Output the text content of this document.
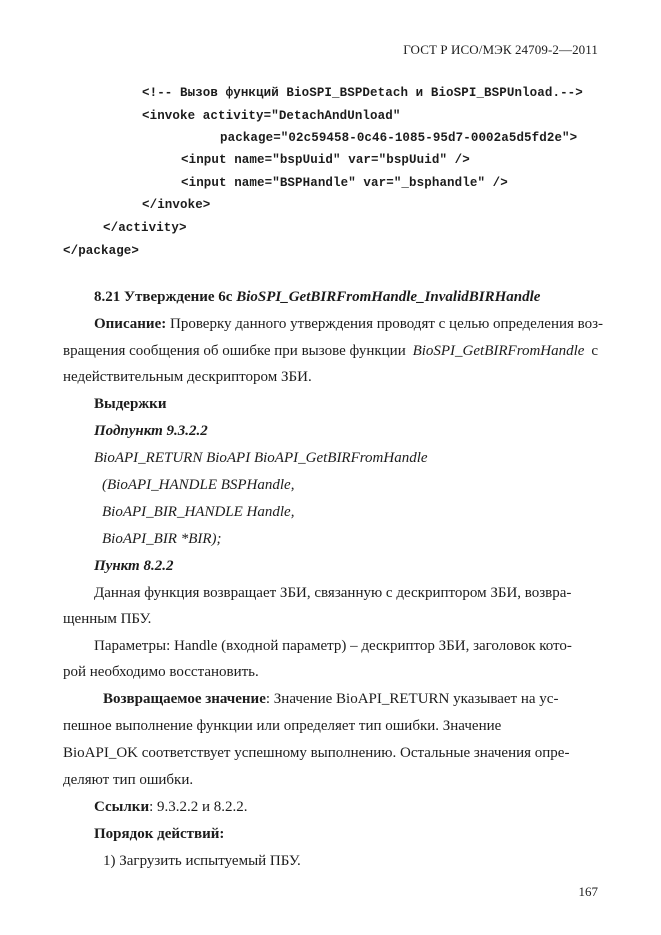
ГОСТ Р ИСО/МЭК 24709-2—2011
<!-- Вызов функций BioSPI_BSPDetach и BioSPI_BSPUnload.-->
<invoke activity="DetachAndUnload"
package="02c59458-0c46-1085-95d7-0002a5d5fd2e">
<input name="bspUuid" var="bspUuid" />
<input name="BSPHandle" var="_bsphandle" />
</invoke>
</activity>
</package>
8.21 Утверждение 6с BioSPI_GetBIRFromHandle_InvalidBIRHandle
Описание: Проверку данного утверждения проводят с целью определения воз-
вращения сообщения об ошибке при вызове функции BioSPI_GetBIRFromHandle с
недействительным дескриптором ЗБИ.
Выдержки
Подпункт 9.3.2.2
BioAPI_RETURN BioAPI BioAPI_GetBIRFromHandle
(BioAPI_HANDLE BSPHandle,
BioAPI_BIR_HANDLE Handle,
BioAPI_BIR *BIR);
Пункт 8.2.2
Данная функция возвращает ЗБИ, связанную с дескриптором ЗБИ, возвра-
щенным ПБУ.
Параметры: Handle (входной параметр) – дескриптор ЗБИ, заголовок кото-
рой необходимо восстановить.
Возвращаемое значение: Значение BioAPI_RETURN указывает на ус-
пешное выполнение функции или определяет тип ошибки. Значение
BioAPI_OK соответствует успешному выполнению. Остальные значения опре-
деляют тип ошибки.
Ссылки: 9.3.2.2 и 8.2.2.
Порядок действий:
1) Загрузить испытуемый ПБУ.
167
